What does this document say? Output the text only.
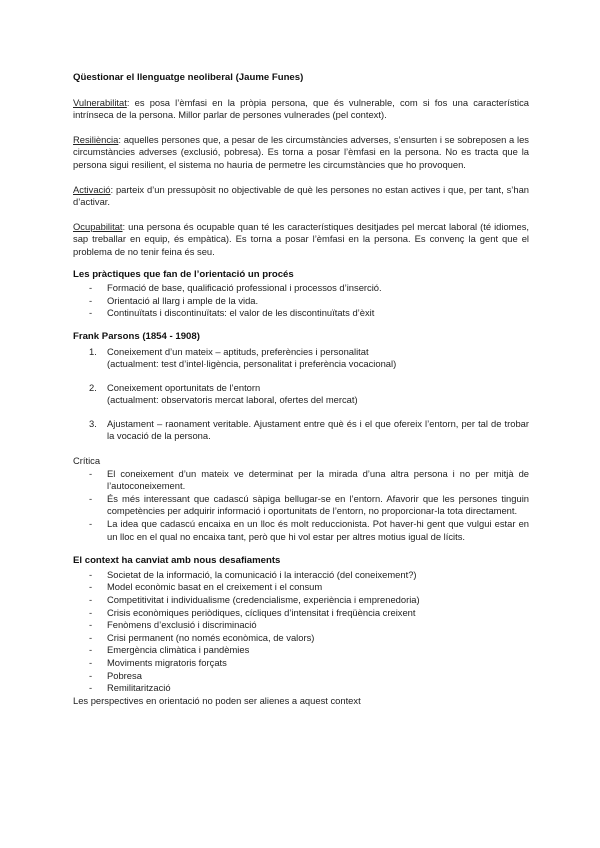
Qüestionar el llenguatge neoliberal (Jaume Funes)

Vulnerabilitat: es posa l’èmfasi en la pròpia persona, que és vulnerable, com si fos una característica intrínseca de la persona. Millor parlar de persones vulnerades (pel context).

Resiliència: aquelles persones que, a pesar de les circumstàncies adverses, s’ensurten i se sobreposen a les circumstàncies adverses (exclusió, pobresa). Es torna a posar l’èmfasi en la persona. No es tracta que la persona sigui resilient, el sistema no hauria de permetre les circumstàncies que ho provoquen.

Activació: parteix d’un pressupòsit no objectivable de què les persones no estan actives i que, per tant, s’han d’activar.

Ocupabilitat: una persona és ocupable quan té les característiques desitjades pel mercat laboral (té idiomes, sap treballar en equip, és empàtica). Es torna a posar l’èmfasi en la persona. Es convenç la gent que el problema de no tenir feina és seu.

Les pràctiques que fan de l’orientació un procés
- Formació de base, qualificació professional i processos d’inserció.
- Orientació al llarg i ample de la vida.
- Continuïtats i discontinuïtats: el valor de les discontinuïtats d’èxit
Frank Parsons (1854 - 1908)
1. Coneixement d’un mateix – aptituds, preferències i personalitat
(actualment: test d’intel·ligència, personalitat i preferència vocacional)
2. Coneixement oportunitats de l’entorn
(actualment: observatoris mercat laboral, ofertes del mercat)
3. Ajustament – raonament veritable. Ajustament entre què és i el que ofereix l’entorn, per tal de trobar la vocació de la persona.
Crítica
- El coneixement d’un mateix ve determinat per la mirada d’una altra persona i no per mitjà de l’autoconeixement.
- És més interessant que cadascú sàpiga bellugar-se en l’entorn. Afavorir que les persones tinguin competències per adquirir informació i oportunitats de l’entorn, no proporcionar-la tota directament.
- La idea que cadascú encaixa en un lloc és molt reduccionista. Pot haver-hi gent que vulgui estar en un lloc en el qual no encaixa tant, però que hi vol estar per altres motius igual de lícits.
El context ha canviat amb nous desafiaments
- Societat de la informació, la comunicació i la interacció (del coneixement?)
- Model econòmic basat en el creixement i el consum
- Competitivitat i individualisme (credencialisme, experiència i emprenedoria)
- Crisis econòmiques periòdiques, cícliques d’intensitat i freqüència creixent
- Fenòmens d’exclusió i discriminació
- Crisi permanent (no només econòmica, de valors)
- Emergència climàtica i pandèmies
- Moviments migratoris forçats
- Pobresa
- Remilitarització
Les perspectives en orientació no poden ser alienes a aquest context
